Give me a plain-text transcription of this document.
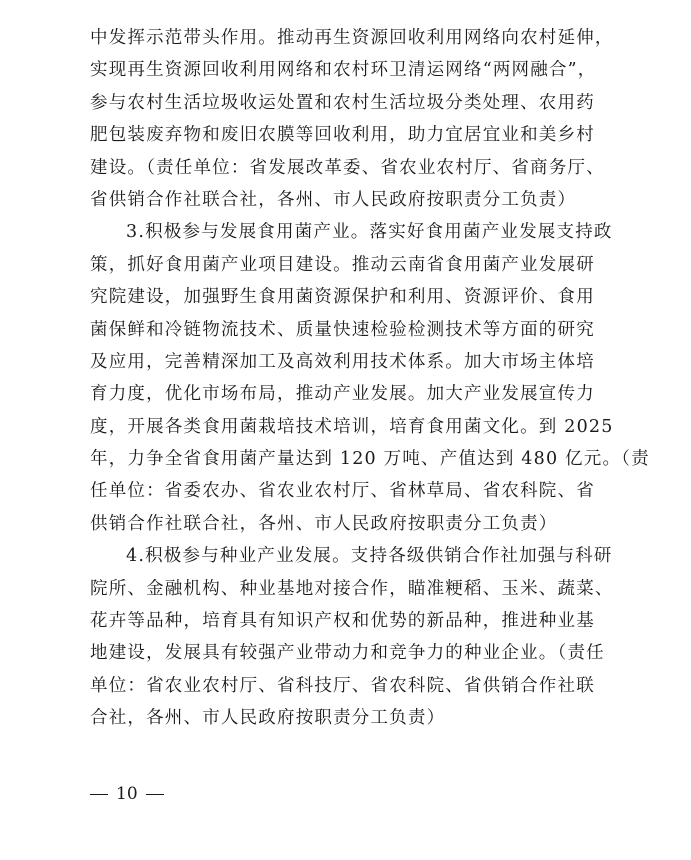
中发挥示范带头作用。推动再生资源回收利用网络向农村延伸，
实现再生资源回收利用网络和农村环卫清运网络“两网融合”，
参与农村生活垃圾收运处置和农村生活垃圾分类处理、农用药
肥包装废弃物和废旧农膜等回收利用，助力宜居宜业和美乡村
建设。（责任单位：省发展改革委、省农业农村厅、省商务厅、
省供销合作社联合社，各州、市人民政府按职责分工负责）
3.积极参与发展食用菌产业。落实好食用菌产业发展支持政
策，抓好食用菌产业项目建设。推动云南省食用菌产业发展研
究院建设，加强野生食用菌资源保护和利用、资源评价、食用
菌保鲜和冷链物流技术、质量快速检验检测技术等方面的研究
及应用，完善精深加工及高效利用技术体系。加大市场主体培
育力度，优化市场布局，推动产业发展。加大产业发展宣传力
度，开展各类食用菌栽培技术培训，培育食用菌文化。到 2025
年，力争全省食用菌产量达到 120 万吨、产值达到 480 亿元。（责
任单位：省委农办、省农业农村厅、省林草局、省农科院、省
供销合作社联合社，各州、市人民政府按职责分工负责）
4.积极参与种业产业发展。支持各级供销合作社加强与科研
院所、金融机构、种业基地对接合作，瞄准粳稻、玉米、蔬菜、
花卉等品种，培育具有知识产权和优势的新品种，推进种业基
地建设，发展具有较强产业带动力和竞争力的种业企业。（责任
单位：省农业农村厅、省科技厅、省农科院、省供销合作社联
合社，各州、市人民政府按职责分工负责）
10
